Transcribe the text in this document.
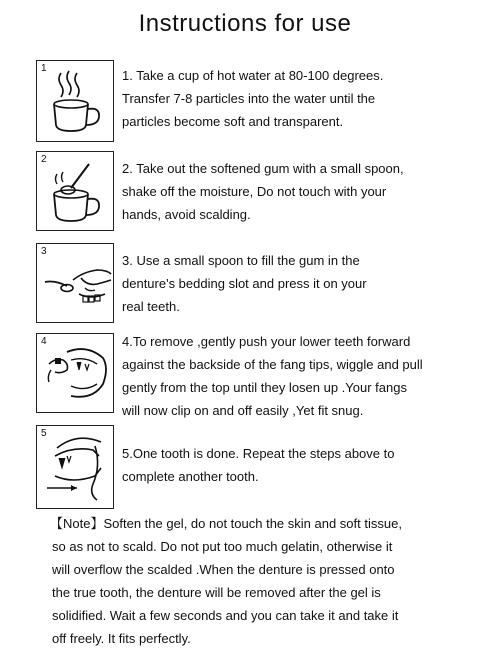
Instructions for use
1	1. Take a cup of hot water at 80-100 degrees.
Transfer 7-8 particles into the water until the
particles become soft and transparent.
2
2. Take out the softened gum with a small spoon,
shake off the moisture, Do not touch with your
hands, avoid scalding.
3
3. Use a small spoon to fill the gum in the
denture's bedding slot and press it on your
real teeth.
4	4.To remove ,gently push your lower teeth forward
against the backside of the fang tips, wiggle and pull
gently from the top until they losen up .Your fangs
will now clip on and off easily ,Yet fit snug.
5
5.One tooth is done. Repeat the steps above to
complete another tooth.
【Note】Soften the gel, do not touch the skin and soft tissue,
so as not to scald. Do not put too much gelatin, otherwise it
will overflow the scalded .When the denture is pressed onto
the true tooth, the denture will be removed after the gel is
solidified. Wait a few seconds and you can take it and take it
off freely. It fits perfectly.
